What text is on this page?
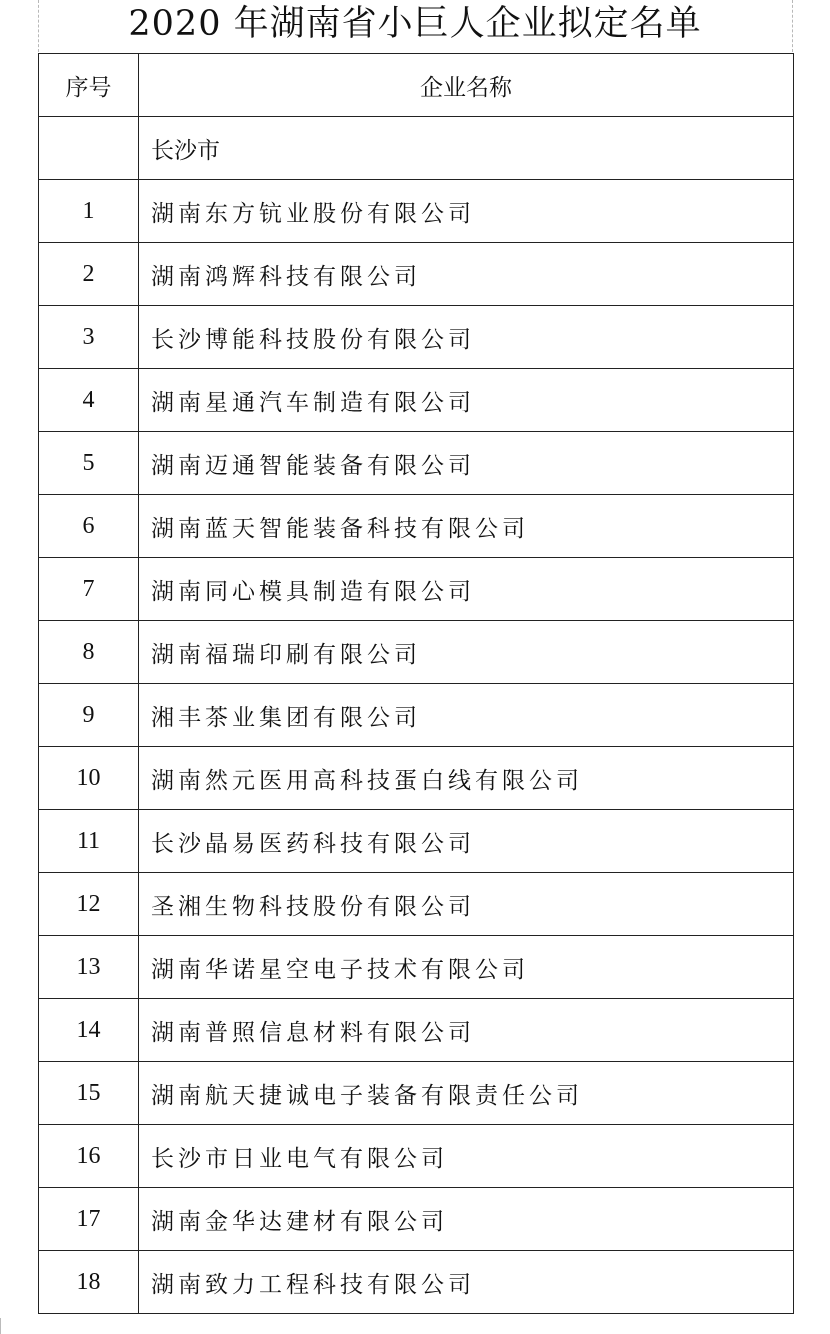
2020 年湖南省小巨人企业拟定名单
序号	企业名称
	长沙市
1	湖南东方钪业股份有限公司
2	湖南鸿辉科技有限公司
3	长沙博能科技股份有限公司
4	湖南星通汽车制造有限公司
5	湖南迈通智能装备有限公司
6	湖南蓝天智能装备科技有限公司
7	湖南同心模具制造有限公司
8	湖南福瑞印刷有限公司
9	湘丰茶业集团有限公司
10	湖南然元医用高科技蛋白线有限公司
11	长沙晶易医药科技有限公司
12	圣湘生物科技股份有限公司
13	湖南华诺星空电子技术有限公司
14	湖南普照信息材料有限公司
15	湖南航天捷诚电子装备有限责任公司
16	长沙市日业电气有限公司
17	湖南金华达建材有限公司
18	湖南致力工程科技有限公司
